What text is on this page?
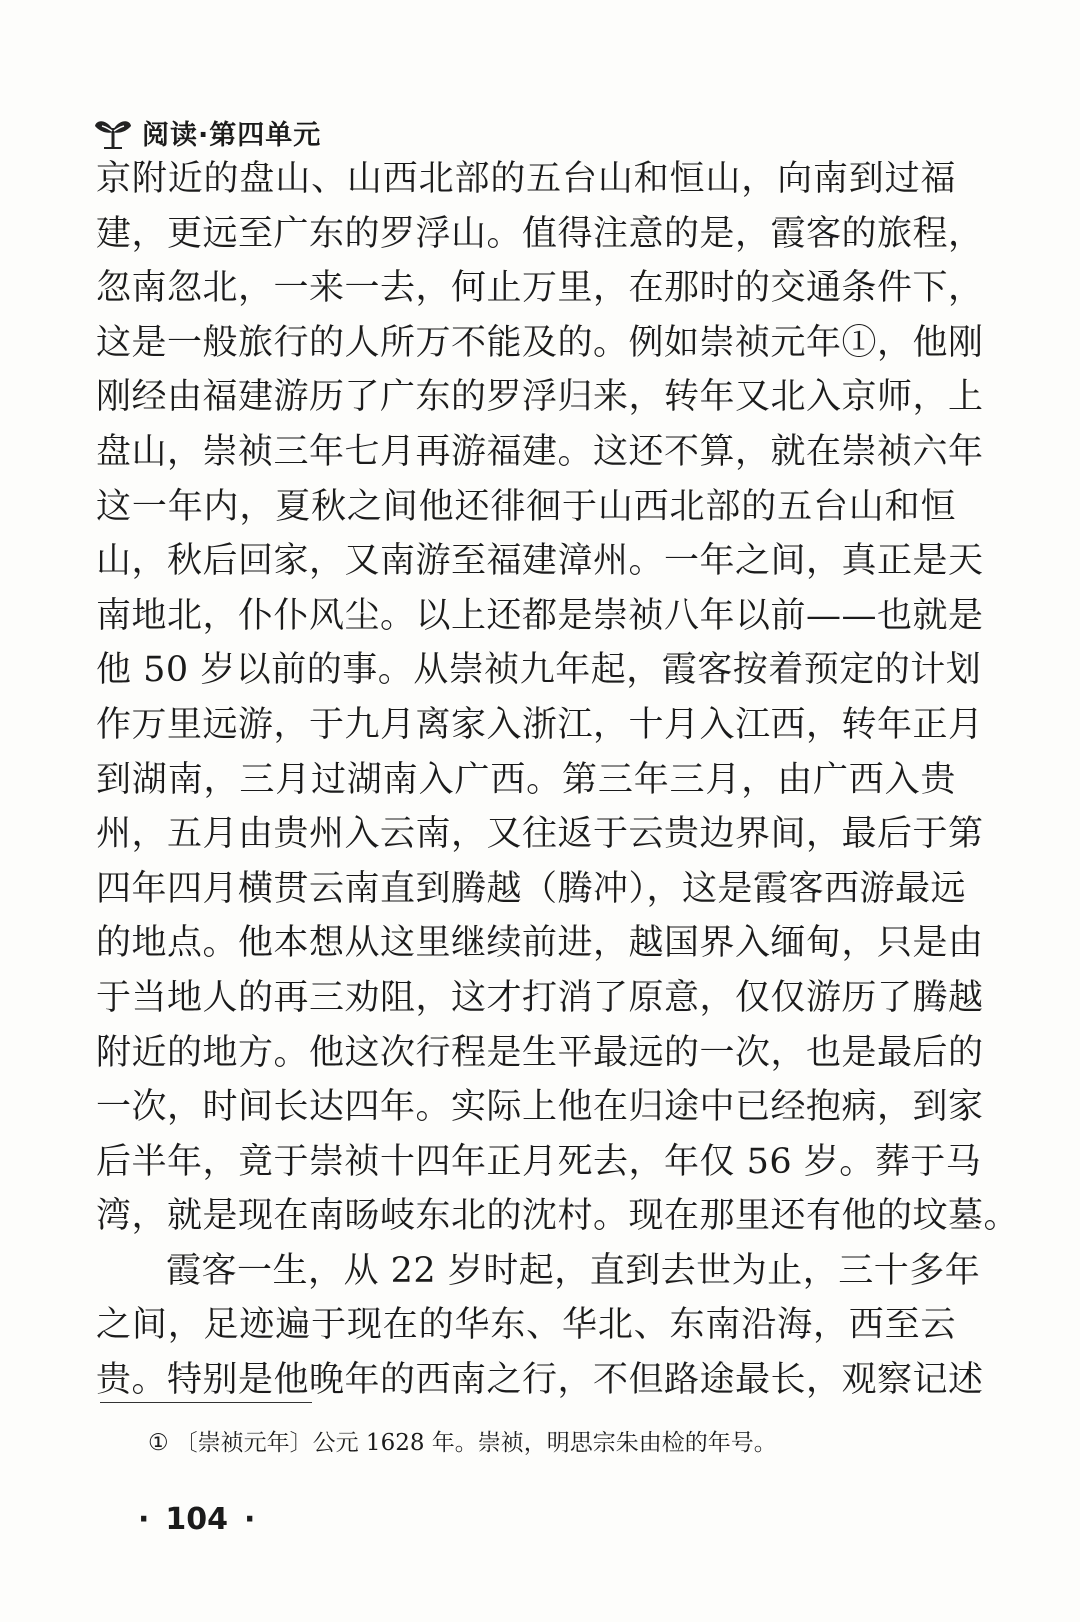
阅读·第四单元
京附近的盘山、山西北部的五台山和恒山，向南到过福
建，更远至广东的罗浮山。值得注意的是，霞客的旅程，
忽南忽北，一来一去，何止万里，在那时的交通条件下，
这是一般旅行的人所万不能及的。例如崇祯元年①，他刚
刚经由福建游历了广东的罗浮归来，转年又北入京师，上
盘山，崇祯三年七月再游福建。这还不算，就在崇祯六年
这一年内，夏秋之间他还徘徊于山西北部的五台山和恒
山，秋后回家，又南游至福建漳州。一年之间，真正是天
南地北，仆仆风尘。以上还都是崇祯八年以前——也就是
他 50 岁以前的事。从崇祯九年起，霞客按着预定的计划
作万里远游，于九月离家入浙江，十月入江西，转年正月
到湖南，三月过湖南入广西。第三年三月，由广西入贵
州，五月由贵州入云南，又往返于云贵边界间，最后于第
四年四月横贯云南直到腾越（腾冲），这是霞客西游最远
的地点。他本想从这里继续前进，越国界入缅甸，只是由
于当地人的再三劝阻，这才打消了原意，仅仅游历了腾越
附近的地方。他这次行程是生平最远的一次，也是最后的
一次，时间长达四年。实际上他在归途中已经抱病，到家
后半年，竟于崇祯十四年正月死去，年仅 56 岁。葬于马
湾，就是现在南旸岐东北的沈村。现在那里还有他的坟墓。
霞客一生，从 22 岁时起，直到去世为止，三十多年
之间，足迹遍于现在的华东、华北、东南沿海，西至云
贵。特别是他晚年的西南之行，不但路途最长，观察记述
① 〔崇祯元年〕公元 1628 年。崇祯，明思宗朱由检的年号。
· 104 ·
